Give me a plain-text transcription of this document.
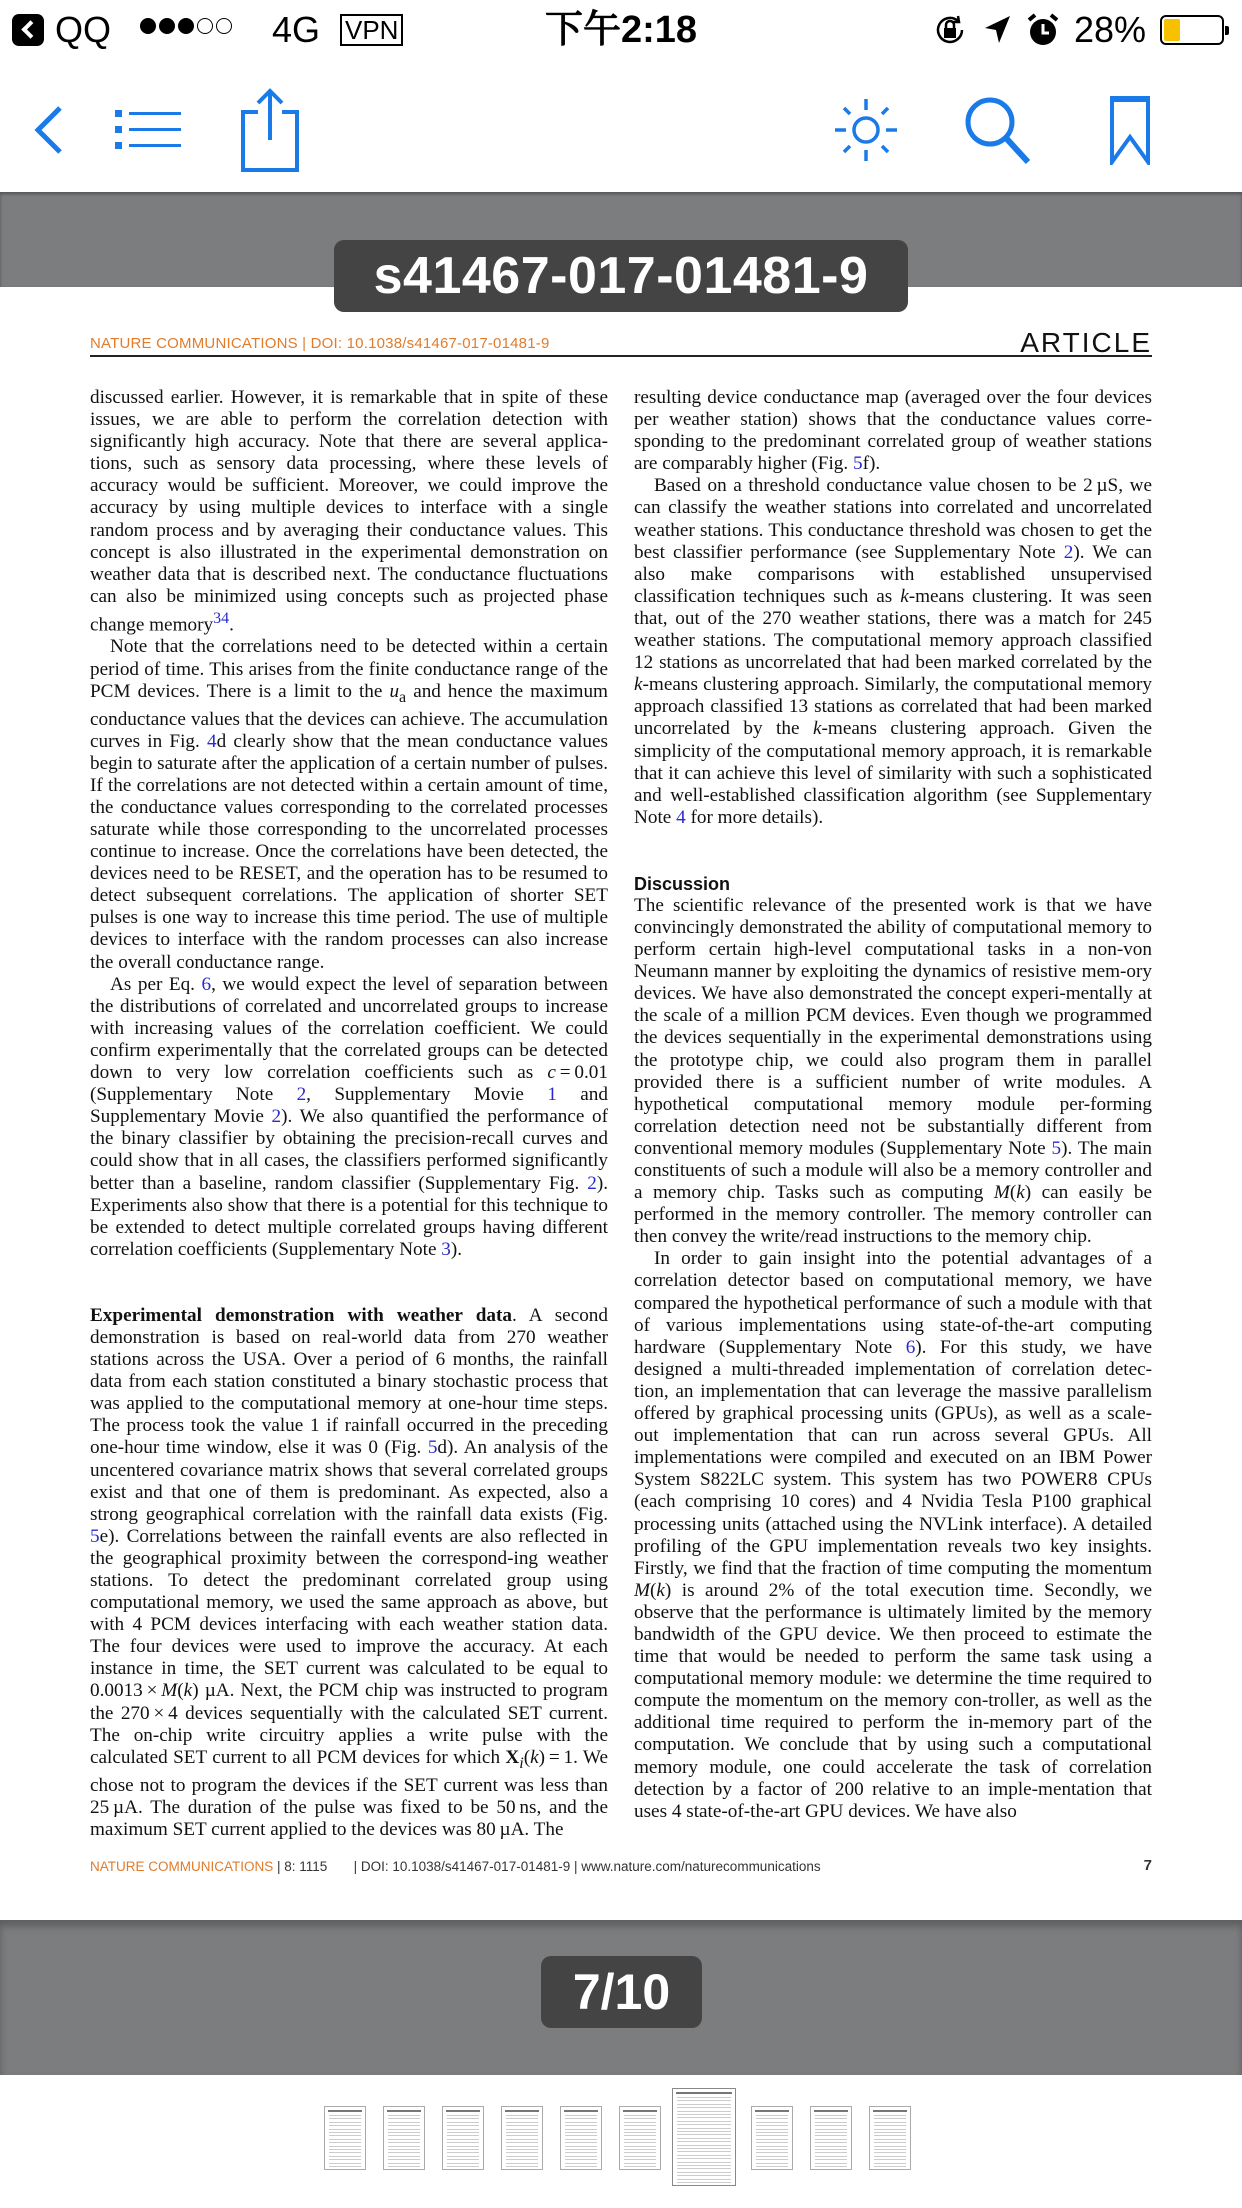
QQ	4G VPN	下午2:18	28%
s41467-017-01481-9
NATURE COMMUNICATIONS | DOI: 10.1038/s41467-017-01481-9	ARTICLE

discussed earlier. However, it is remarkable that in spite of these issues, we are able to perform the correlation detection with significantly high accuracy. Note that there are several applica-tions, such as sensory data processing, where these levels of accuracy would be sufficient. Moreover, we could improve the accuracy by using multiple devices to interface with a single random process and by averaging their conductance values. This concept is also illustrated in the experimental demonstration on weather data that is described next. The conductance fluctuations can also be minimized using concepts such as projected phase change memory$^{34}$.

Note that the correlations need to be detected within a certain period of time. This arises from the finite conductance range of the PCM devices. There is a limit to the $u_a$ and hence the maximum conductance values that the devices can achieve. The accumulation curves in Fig. 4d clearly show that the mean conductance values begin to saturate after the application of a certain number of pulses. If the correlations are not detected within a certain amount of time, the conductance values corresponding to the correlated processes saturate while those corresponding to the uncorrelated processes continue to increase. Once the correlations have been detected, the devices need to be RESET, and the operation has to be resumed to detect subsequent correlations. The application of shorter SET pulses is one way to increase this time period. The use of multiple devices to interface with the random processes can also increase the overall conductance range.

As per Eq. 6, we would expect the level of separation between the distributions of correlated and uncorrelated groups to increase with increasing values of the correlation coefficient. We could confirm experimentally that the correlated groups can be detected down to very low correlation coefficients such as c = 0.01 (Supplementary Note 2, Supplementary Movie 1 and Supplementary Movie 2). We also quantified the performance of the binary classifier by obtaining the precision-recall curves and could show that in all cases, the classifiers performed significantly better than a baseline, random classifier (Supplementary Fig. 2). Experiments also show that there is a potential for this technique to be extended to detect multiple correlated groups having different correlation coefficients (Supplementary Note 3).

Experimental demonstration with weather data. A second demonstration is based on real-world data from 270 weather stations across the USA. Over a period of 6 months, the rainfall data from each station constituted a binary stochastic process that was applied to the computational memory at one-hour time steps. The process took the value 1 if rainfall occurred in the preceding one-hour time window, else it was 0 (Fig. 5d). An analysis of the uncentered covariance matrix shows that several correlated groups exist and that one of them is predominant. As expected, also a strong geographical correlation with the rainfall data exists (Fig. 5e). Correlations between the rainfall events are also reflected in the geographical proximity between the correspond-ing weather stations. To detect the predominant correlated group using computational memory, we used the same approach as above, but with 4 PCM devices interfacing with each weather station data. The four devices were used to improve the accuracy. At each instance in time, the SET current was calculated to be equal to 0.0013 × M(k) µA. Next, the PCM chip was instructed to program the 270 × 4 devices sequentially with the calculated SET current. The on-chip write circuitry applies a write pulse with the calculated SET current to all PCM devices for which $X_i(k) = 1$. We chose not to program the devices if the SET current was less than 25 µA. The duration of the pulse was fixed to be 50 ns, and the maximum SET current applied to the devices was 80 µA. The

resulting device conductance map (averaged over the four devices per weather station) shows that the conductance values corre-sponding to the predominant correlated group of weather stations are comparably higher (Fig. 5f).

Based on a threshold conductance value chosen to be 2 µS, we can classify the weather stations into correlated and uncorrelated weather stations. This conductance threshold was chosen to get the best classifier performance (see Supplementary Note 2). We can also make comparisons with established unsupervised classification techniques such as k-means clustering. It was seen that, out of the 270 weather stations, there was a match for 245 weather stations. The computational memory approach classified 12 stations as uncorrelated that had been marked correlated by the k-means clustering approach. Similarly, the computational memory approach classified 13 stations as correlated that had been marked uncorrelated by the k-means clustering approach. Given the simplicity of the computational memory approach, it is remarkable that it can achieve this level of similarity with such a sophisticated and well-established classification algorithm (see Supplementary Note 4 for more details).

Discussion

The scientific relevance of the presented work is that we have convincingly demonstrated the ability of computational memory to perform certain high-level computational tasks in a non-von Neumann manner by exploiting the dynamics of resistive mem-ory devices. We have also demonstrated the concept experi-mentally at the scale of a million PCM devices. Even though we programmed the devices sequentially in the experimental demonstrations using the prototype chip, we could also program them in parallel provided there is a sufficient number of write modules. A hypothetical computational memory module per-forming correlation detection need not be substantially different from conventional memory modules (Supplementary Note 5). The main constituents of such a module will also be a memory controller and a memory chip. Tasks such as computing M(k) can easily be performed in the memory controller. The memory controller can then convey the write/read instructions to the memory chip.

In order to gain insight into the potential advantages of a correlation detector based on computational memory, we have compared the hypothetical performance of such a module with that of various implementations using state-of-the-art computing hardware (Supplementary Note 6). For this study, we have designed a multi-threaded implementation of correlation detec-tion, an implementation that can leverage the massive parallelism offered by graphical processing units (GPUs), as well as a scale-out implementation that can run across several GPUs. All implementations were compiled and executed on an IBM Power System S822LC system. This system has two POWER8 CPUs (each comprising 10 cores) and 4 Nvidia Tesla P100 graphical processing units (attached using the NVLink interface). A detailed profiling of the GPU implementation reveals two key insights. Firstly, we find that the fraction of time computing the momentum M(k) is around 2% of the total execution time. Secondly, we observe that the performance is ultimately limited by the memory bandwidth of the GPU device. We then proceed to estimate the time that would be needed to perform the same task using a computational memory module: we determine the time required to compute the momentum on the memory con-troller, as well as the additional time required to perform the in-memory part of the computation. We conclude that by using such a computational memory module, one could accelerate the task of correlation detection by a factor of 200 relative to an imple-mentation that uses 4 state-of-the-art GPU devices. We have also

NATURE COMMUNICATIONS | 8: 1115 | DOI: 10.1038/s41467-017-01481-9 | www.nature.com/naturecommunications	7
7/10
